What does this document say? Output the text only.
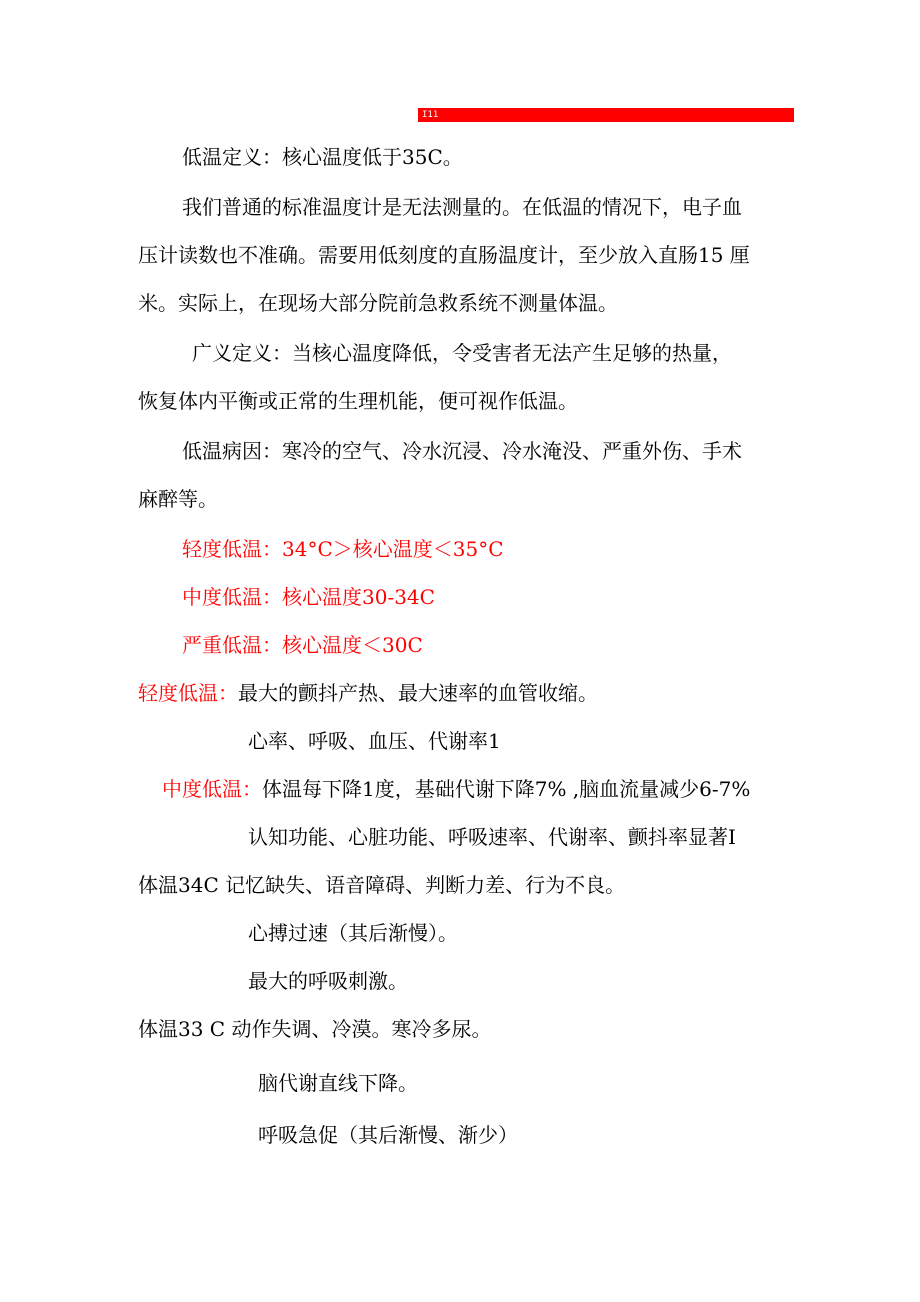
I11
低温定义：核心温度低于35C。
我们普通的标准温度计是无法测量的。在低温的情况下，电子血
压计读数也不准确。需要用低刻度的直肠温度计，至少放入直肠15 厘
米。实际上，在现场大部分院前急救系统不测量体温。
广义定义：当核心温度降低，令受害者无法产生足够的热量，
恢复体内平衡或正常的生理机能，便可视作低温。
低温病因：寒冷的空气、冷水沉浸、冷水淹没、严重外伤、手术
麻醉等。
轻度低温：34°C＞核心温度＜35°C
中度低温：核心温度30-34C
严重低温：核心温度＜30C
轻度低温：最大的颤抖产热、最大速率的血管收缩。
心率、呼吸、血压、代谢率1
中度低温：体温每下降1度，基础代谢下降7% ,脑血流量减少6-7%
认知功能、心脏功能、呼吸速率、代谢率、颤抖率显著I
体温34C 记忆缺失、语音障碍、判断力差、行为不良。
心搏过速（其后渐慢）。
最大的呼吸刺激。
体温33 C 动作失调、冷漠。寒冷多尿。
脑代谢直线下降。
呼吸急促（其后渐慢、渐少）
